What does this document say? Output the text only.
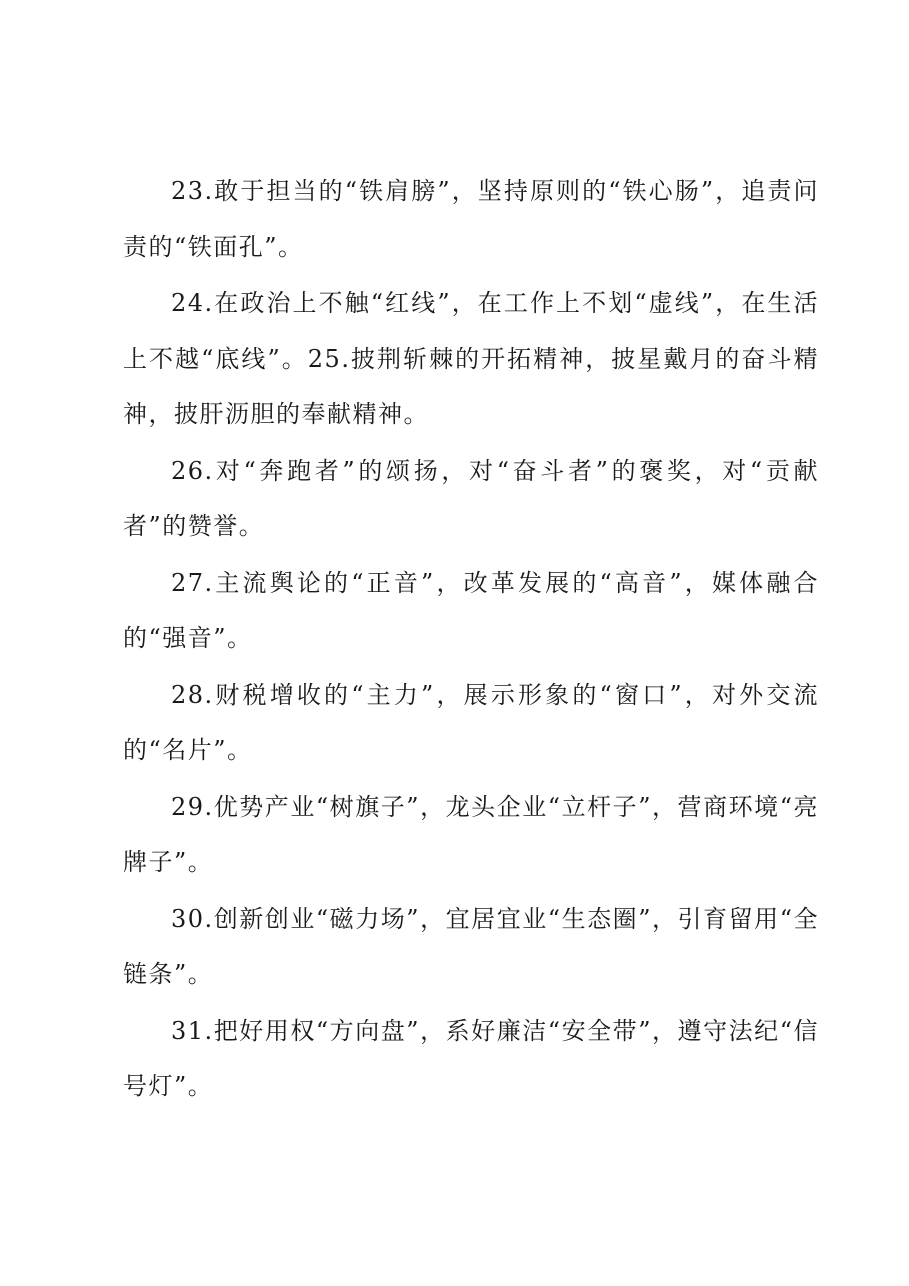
23.敢于担当的“铁肩膀”，坚持原则的“铁心肠”，追责问责的“铁面孔”。

24.在政治上不触“红线”，在工作上不划“虚线”，在生活上不越“底线”。25.披荆斩棘的开拓精神，披星戴月的奋斗精神，披肝沥胆的奉献精神。

26.对“奔跑者”的颂扬，对“奋斗者”的褒奖，对“贡献者”的赞誉。

27.主流舆论的“正音”，改革发展的“高音”，媒体融合的“强音”。

28.财税增收的“主力”，展示形象的“窗口”，对外交流的“名片”。

29.优势产业“树旗子”，龙头企业“立杆子”，营商环境“亮牌子”。

30.创新创业“磁力场”，宜居宜业“生态圈”，引育留用“全链条”。

31.把好用权“方向盘”，系好廉洁“安全带”，遵守法纪“信号灯”。
